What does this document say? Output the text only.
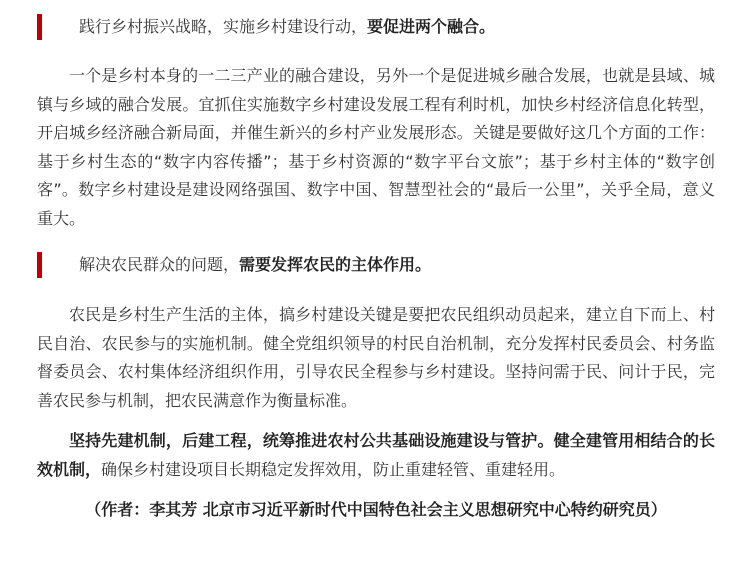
践行乡村振兴战略，实施乡村建设行动，要促进两个融合。

一个是乡村本身的一二三产业的融合建设，另外一个是促进城乡融合发展，也就是县域、城镇与乡域的融合发展。宜抓住实施数字乡村建设发展工程有利时机，加快乡村经济信息化转型，开启城乡经济融合新局面，并催生新兴的乡村产业发展形态。关键是要做好这几个方面的工作：基于乡村生态的“数字内容传播”；基于乡村资源的“数字平台文旅”；基于乡村主体的“数字创客”。数字乡村建设是建设网络强国、数字中国、智慧型社会的“最后一公里”，关乎全局，意义重大。

解决农民群众的问题，需要发挥农民的主体作用。

农民是乡村生产生活的主体，搞乡村建设关键是要把农民组织动员起来，建立自下而上、村民自治、农民参与的实施机制。健全党组织领导的村民自治机制，充分发挥村民委员会、村务监督委员会、农村集体经济组织作用，引导农民全程参与乡村建设。坚持问需于民、问计于民，完善农民参与机制，把农民满意作为衡量标准。

坚持先建机制，后建工程，统筹推进农村公共基础设施建设与管护。健全建管用相结合的长效机制，确保乡村建设项目长期稳定发挥效用，防止重建轻管、重建轻用。

（作者：李其芳 北京市习近平新时代中国特色社会主义思想研究中心特约研究员）
